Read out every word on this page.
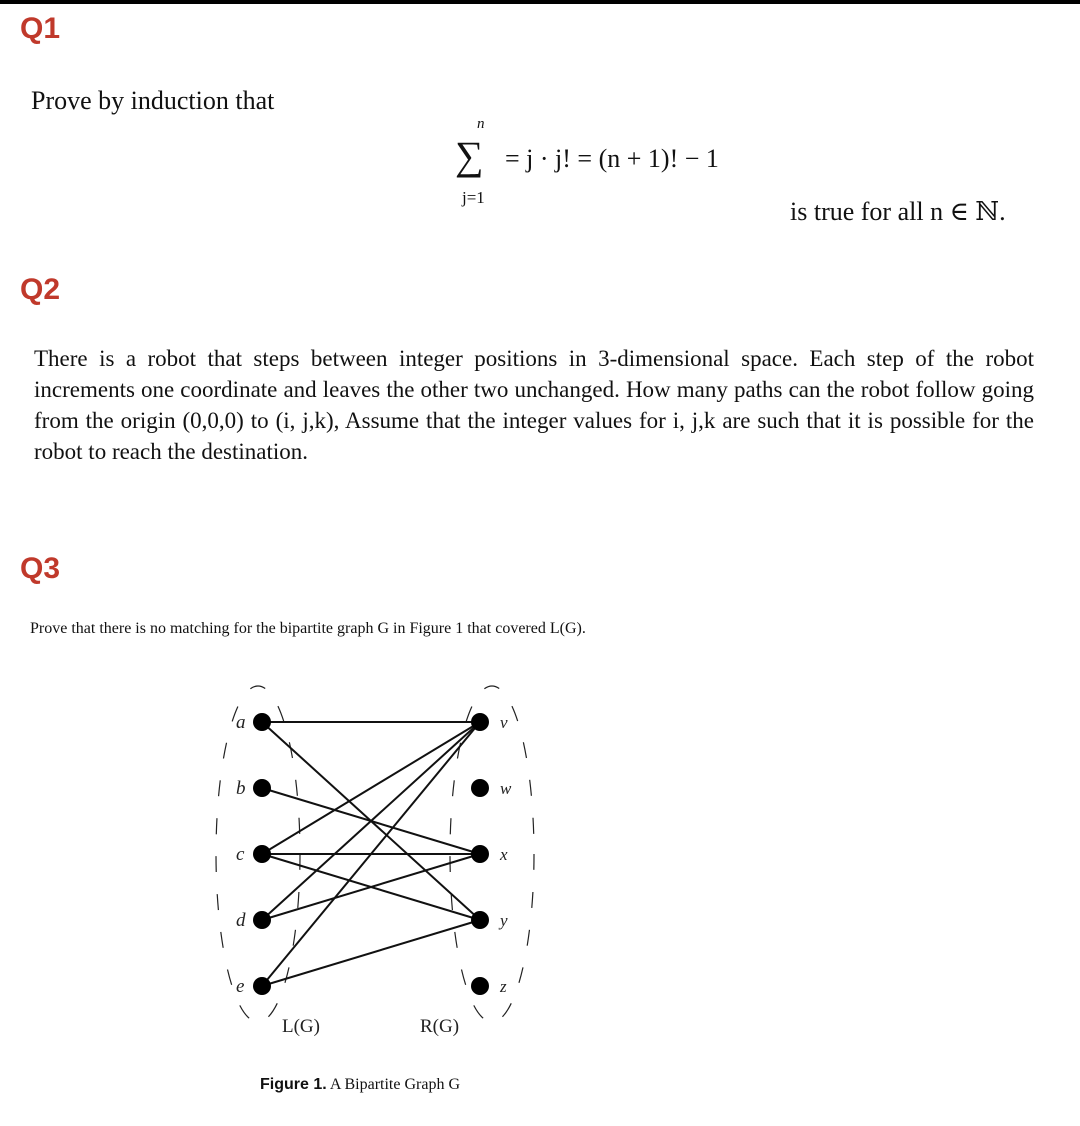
Q1
Prove by induction that
n
∑
j=1
= j · j! = (n + 1)! − 1
is true for all n ∈ ℕ.
Q2

There is a robot that steps between integer positions in 3-dimensional space. Each step of the robot increments one coordinate and leaves the other two unchanged. How many paths can the robot follow going from the origin (0,0,0) to (i, j,k), Assume that the integer values for i, j,k are such that it is possible for the robot to reach the destination.

Q3
Prove that there is no matching for the bipartite graph G in Figure 1 that covered L(G).
a
b
c
d
e
v
w
x
y
z
L(G)	R(G)
Figure 1. A Bipartite Graph G
